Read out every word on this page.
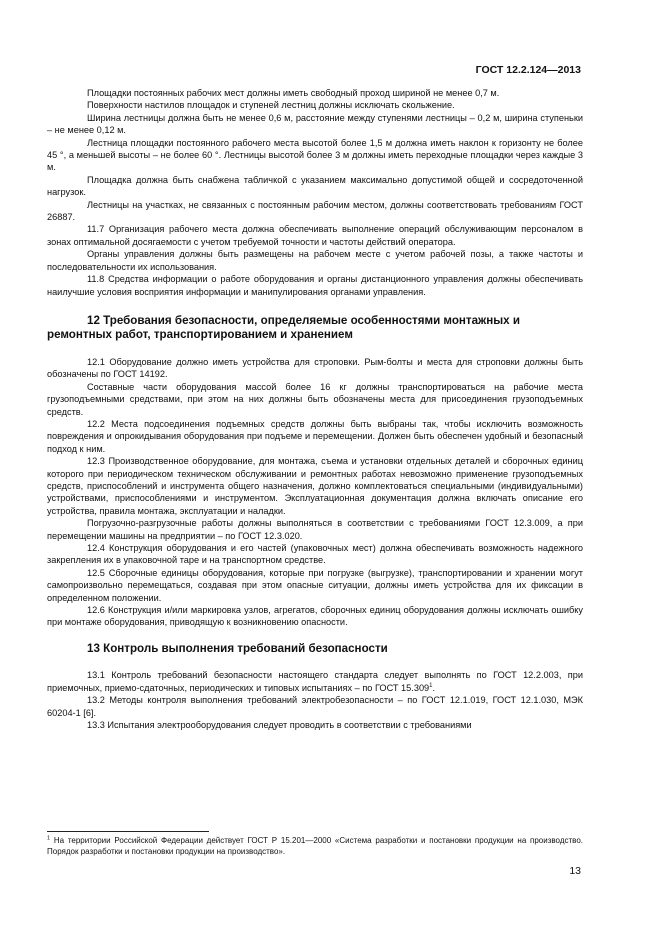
ГОСТ 12.2.124—2013

Площадки постоянных рабочих мест должны иметь свободный проход шириной не менее 0,7 м.

Поверхности настилов площадок и ступеней лестниц должны исключать скольжение.

Ширина лестницы должна быть не менее 0,6 м, расстояние между ступенями лестницы – 0,2 м, ширина ступеньки – не менее 0,12 м.

Лестница площадки постоянного рабочего места высотой более 1,5 м должна иметь наклон к горизонту не более 45 °, а меньшей высоты – не более 60 °. Лестницы высотой более 3 м должны иметь переходные площадки через каждые 3 м.

Площадка должна быть снабжена табличкой с указанием максимально допустимой общей и сосредоточенной нагрузок.

Лестницы на участках, не связанных с постоянным рабочим местом, должны соответствовать требованиям ГОСТ 26887.

11.7 Организация рабочего места должна обеспечивать выполнение операций обслуживающим персоналом в зонах оптимальной досягаемости с учетом требуемой точности и частоты действий оператора.

Органы управления должны быть размещены на рабочем месте с учетом рабочей позы, а также частоты и последовательности их использования.

11.8 Средства информации о работе оборудования и органы дистанционного управления должны обеспечивать наилучшие условия восприятия информации и манипулирования органами управления.

12 Требования безопасности, определяемые особенностями монтажных и ремонтных работ, транспортированием и хранением

12.1 Оборудование должно иметь устройства для строповки. Рым-болты и места для строповки должны быть обозначены по ГОСТ 14192.

Составные части оборудования массой более 16 кг должны транспортироваться на рабочие места грузоподъемными средствами, при этом на них должны быть обозначены места для присоединения грузоподъемных средств.

12.2 Места подсоединения подъемных средств должны быть выбраны так, чтобы исключить возможность повреждения и опрокидывания оборудования при подъеме и перемещении. Должен быть обеспечен удобный и безопасный подход к ним.

12.3 Производственное оборудование, для монтажа, съема и установки отдельных деталей и сборочных единиц которого при периодическом техническом обслуживании и ремонтных работах невозможно применение грузоподъемных средств, приспособлений и инструмента общего назначения, должно комплектоваться специальными (индивидуальными) устройствами, приспособлениями и инструментом. Эксплуатационная документация должна включать описание его устройства, правила монтажа, эксплуатации и наладки.

Погрузочно-разгрузочные работы должны выполняться в соответствии с требованиями ГОСТ 12.3.009, а при перемещении машины на предприятии – по ГОСТ 12.3.020.

12.4 Конструкция оборудования и его частей (упаковочных мест) должна обеспечивать возможность надежного закрепления их в упаковочной таре и на транспортном средстве.

12.5 Сборочные единицы оборудования, которые при погрузке (выгрузке), транспортировании и хранении могут самопроизвольно перемещаться, создавая при этом опасные ситуации, должны иметь устройства для их фиксации в определенном положении.

12.6 Конструкция и/или маркировка узлов, агрегатов, сборочных единиц оборудования должны исключать ошибку при монтаже оборудования, приводящую к возникновению опасности.

13 Контроль выполнения требований безопасности

13.1 Контроль требований безопасности настоящего стандарта следует выполнять по ГОСТ 12.2.003, при приемочных, приемо-сдаточных, периодических и типовых испытаниях – по ГОСТ 15.309$^1$.

13.2 Методы контроля выполнения требований электробезопасности – по ГОСТ 12.1.019, ГОСТ 12.1.030, МЭК 60204-1 [6].

13.3 Испытания электрооборудования следует проводить в соответствии с требованиями

$^1$ На территории Российской Федерации действует ГОСТ Р 15.201—2000 «Система разработки и постановки продукции на производство. Порядок разработки и постановки продукции на производство».
13
